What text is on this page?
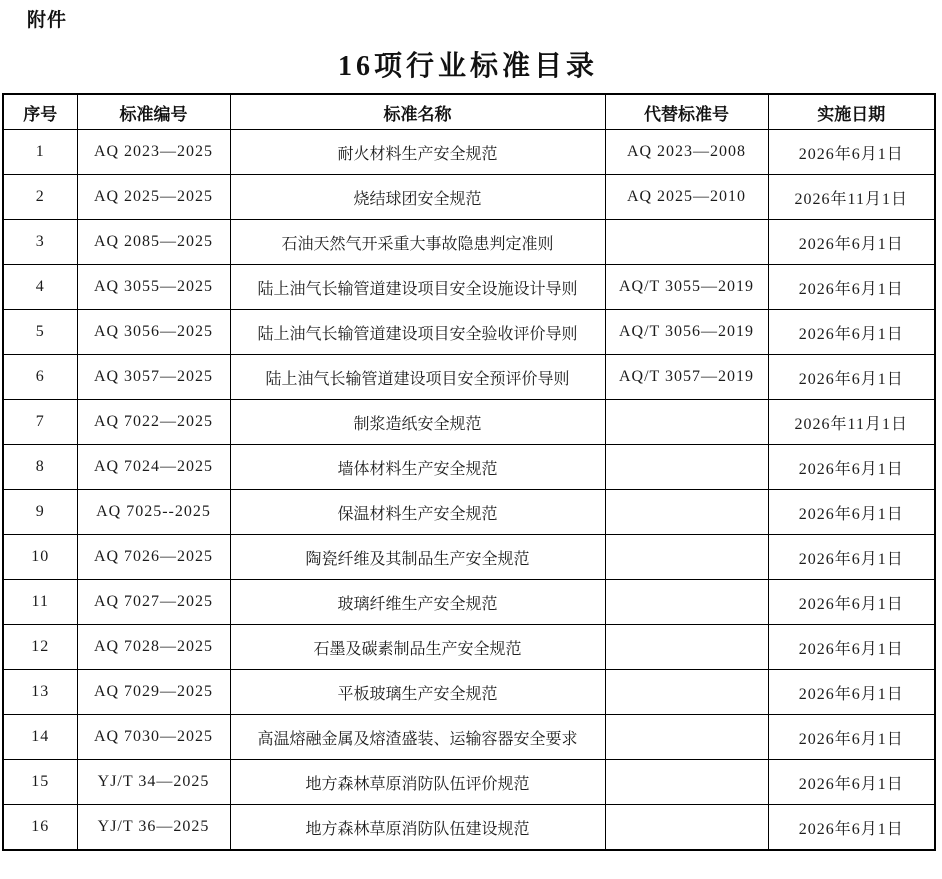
附件
16项行业标准目录
序号	标准编号	标准名称	代替标准号	实施日期
1	AQ 2023—2025	耐火材料生产安全规范	AQ 2023—2008	2026年6月1日
2	AQ 2025—2025	烧结球团安全规范	AQ 2025—2010	2026年11月1日
3	AQ 2085—2025	石油天然气开采重大事故隐患判定准则		2026年6月1日
4	AQ 3055—2025	陆上油气长输管道建设项目安全设施设计导则	AQ/T 3055—2019	2026年6月1日
5	AQ 3056—2025	陆上油气长输管道建设项目安全验收评价导则	AQ/T 3056—2019	2026年6月1日
6	AQ 3057—2025	陆上油气长输管道建设项目安全预评价导则	AQ/T 3057—2019	2026年6月1日
7	AQ 7022—2025	制浆造纸安全规范		2026年11月1日
8	AQ 7024—2025	墙体材料生产安全规范		2026年6月1日
9	AQ 7025--2025	保温材料生产安全规范		2026年6月1日
10	AQ 7026—2025	陶瓷纤维及其制品生产安全规范		2026年6月1日
11	AQ 7027—2025	玻璃纤维生产安全规范		2026年6月1日
12	AQ 7028—2025	石墨及碳素制品生产安全规范		2026年6月1日
13	AQ 7029—2025	平板玻璃生产安全规范		2026年6月1日
14	AQ 7030—2025	高温熔融金属及熔渣盛装、运输容器安全要求		2026年6月1日
15	YJ/T 34—2025	地方森林草原消防队伍评价规范		2026年6月1日
16	YJ/T 36—2025	地方森林草原消防队伍建设规范		2026年6月1日
